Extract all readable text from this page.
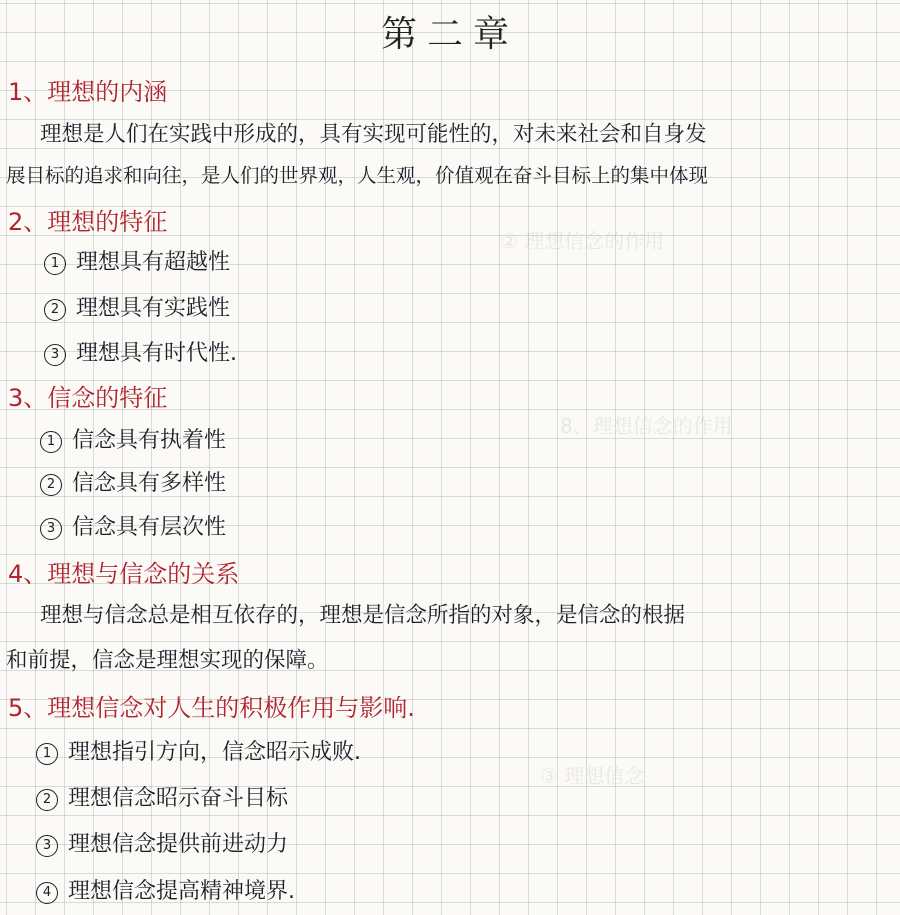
② 理想信念的作用
8、理想信念的作用
③ 理想信念
第二章
1、理想的内涵
理想是人们在实践中形成的，具有实现可能性的，对未来社会和自身发
展目标的追求和向往，是人们的世界观，人生观，价值观在奋斗目标上的集中体现
2、理想的特征
1 理想具有超越性
2 理想具有实践性
3 理想具有时代性.
3、信念的特征
1 信念具有执着性
2 信念具有多样性
3 信念具有层次性
4、理想与信念的关系
理想与信念总是相互依存的，理想是信念所指的对象，是信念的根据
和前提，信念是理想实现的保障。
5、理想信念对人生的积极作用与影响.
1 理想指引方向，信念昭示成败.
2 理想信念昭示奋斗目标
3 理想信念提供前进动力
4 理想信念提高精神境界.
